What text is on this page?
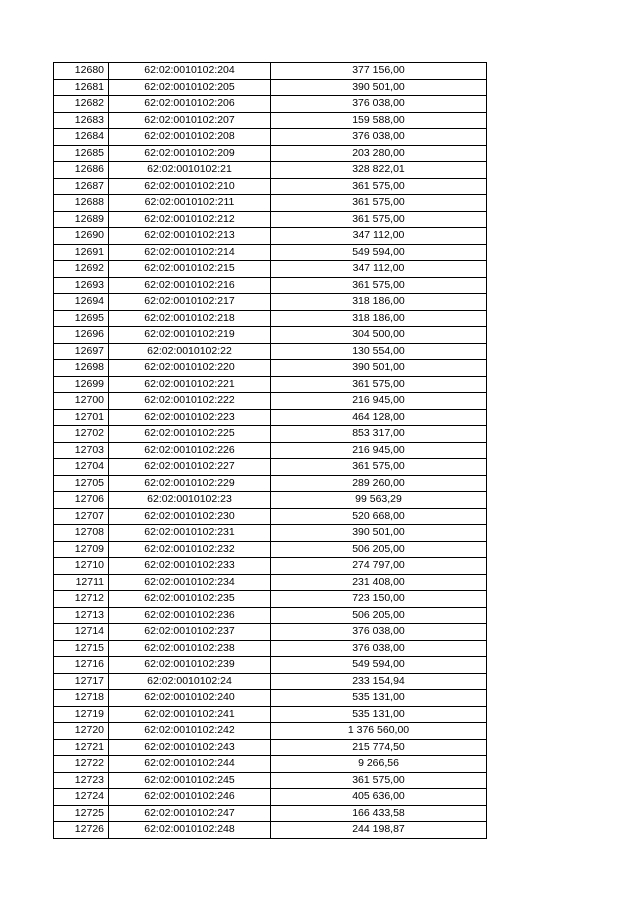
12680	62:02:0010102:204	377 156,00
12681	62:02:0010102:205	390 501,00
12682	62:02:0010102:206	376 038,00
12683	62:02:0010102:207	159 588,00
12684	62:02:0010102:208	376 038,00
12685	62:02:0010102:209	203 280,00
12686	62:02:0010102:21	328 822,01
12687	62:02:0010102:210	361 575,00
12688	62:02:0010102:211	361 575,00
12689	62:02:0010102:212	361 575,00
12690	62:02:0010102:213	347 112,00
12691	62:02:0010102:214	549 594,00
12692	62:02:0010102:215	347 112,00
12693	62:02:0010102:216	361 575,00
12694	62:02:0010102:217	318 186,00
12695	62:02:0010102:218	318 186,00
12696	62:02:0010102:219	304 500,00
12697	62:02:0010102:22	130 554,00
12698	62:02:0010102:220	390 501,00
12699	62:02:0010102:221	361 575,00
12700	62:02:0010102:222	216 945,00
12701	62:02:0010102:223	464 128,00
12702	62:02:0010102:225	853 317,00
12703	62:02:0010102:226	216 945,00
12704	62:02:0010102:227	361 575,00
12705	62:02:0010102:229	289 260,00
12706	62:02:0010102:23	99 563,29
12707	62:02:0010102:230	520 668,00
12708	62:02:0010102:231	390 501,00
12709	62:02:0010102:232	506 205,00
12710	62:02:0010102:233	274 797,00
12711	62:02:0010102:234	231 408,00
12712	62:02:0010102:235	723 150,00
12713	62:02:0010102:236	506 205,00
12714	62:02:0010102:237	376 038,00
12715	62:02:0010102:238	376 038,00
12716	62:02:0010102:239	549 594,00
12717	62:02:0010102:24	233 154,94
12718	62:02:0010102:240	535 131,00
12719	62:02:0010102:241	535 131,00
12720	62:02:0010102:242	1 376 560,00
12721	62:02:0010102:243	215 774,50
12722	62:02:0010102:244	9 266,56
12723	62:02:0010102:245	361 575,00
12724	62:02:0010102:246	405 636,00
12725	62:02:0010102:247	166 433,58
12726	62:02:0010102:248	244 198,87
